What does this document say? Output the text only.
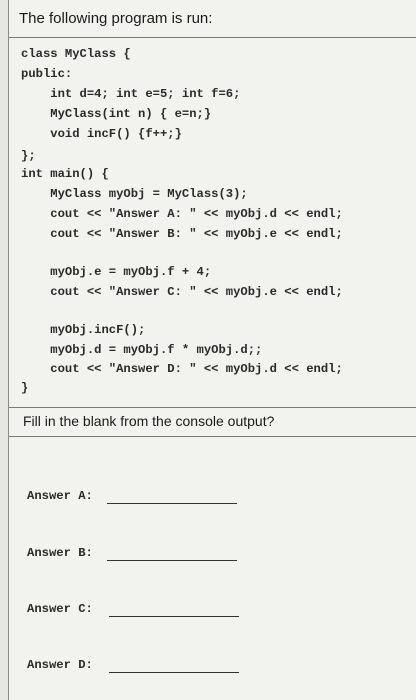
The following program is run:

class MyClass {

public:

int d=4; int e=5; int f=6;

MyClass(int n) { e=n;}

void incF() {f++;}

};

int main() {

MyClass myObj = MyClass(3);

cout << "Answer A: " << myObj.d << endl;

cout << "Answer B: " << myObj.e << endl;

myObj.e = myObj.f + 4;

cout << "Answer C: " << myObj.e << endl;

myObj.incF();

myObj.d = myObj.f * myObj.d;;

cout << "Answer D: " << myObj.d << endl;

}

Fill in the blank from the console output?
Answer A:
Answer B:
Answer C:
Answer D:
